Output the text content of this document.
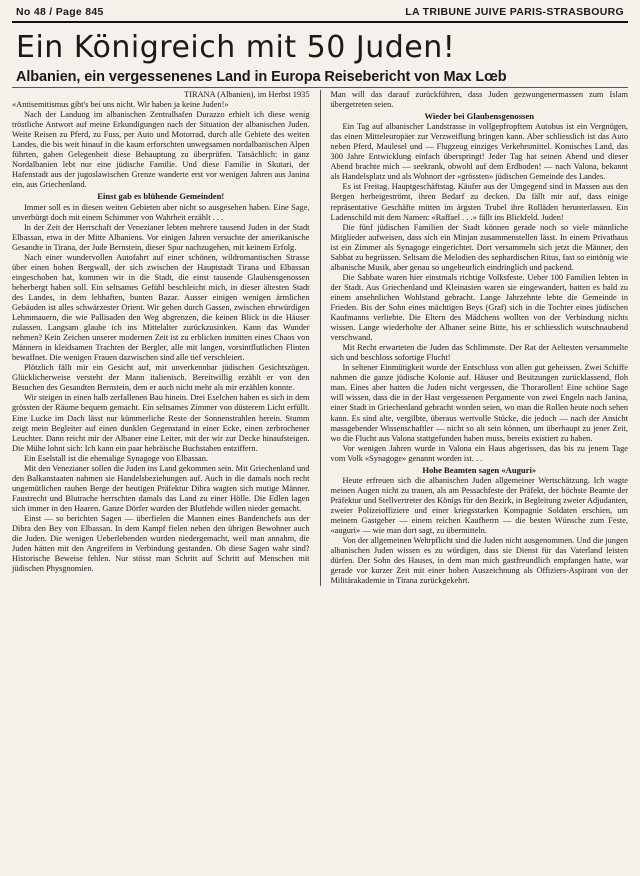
No 48 / Page 845	LA TRIBUNE JUIVE PARIS-STRASBOURG
Ein Königreich mit 50 Juden!
Albanien, ein vergessenenes Land in Europa Reisebericht von Max Lœb

TIRANA (Albanien), im Herbst 1935

«Antisemitismus gibt's bei uns nicht. Wir haben ja keine Juden!»

Nach der Landung im albanischen Zentralhafen Durazzo erhielt ich diese wenig tröstliche Antwort auf meine Erkundigungen nach der Situation der albanischen Juden. Weite Reisen zu Pferd, zu Fuss, per Auto und Motorrad, durch alle Gebiete des weiten Landes, die bis weit hinauf in die kaum erforschten unwegsamen nordalbanischen Alpen führten, gaben Gelegenheit diese Behauptung zu überprüfen. Tatsächlich: in ganz Nordalbanien lebt nur eine jüdische Familie. Und diese Familie in Skutari, der Hafenstadt aus der jugoslawischen Grenze wanderte erst vor wenigen Jahren aus Janina ein, aus Griechenland.

Einst gab es blühende Gemeinden!

Immer soll es in diesen weiten Gebieten aber nicht so ausgesehen haben. Eine Sage, unverbürgt doch mit einem Schimmer von Wahrheit erzählt . . .

In der Zeit der Herrschaft der Venezianer lebten mehrere tausend Juden in der Stadt Elbassan, etwa in der Mitte Albaniens. Vor einigen Jahren versuchte der amerikanische Gesandte in Tirana, der Jude Bernstein, dieser Spur nachzugehen, mit keinem Erfolg.

Nach einer wundervollen Autofahrt auf einer schönen, wildromantischen Strasse über einen hohen Bergwall, der sich zwischen der Hauptstadt Tirana und Elbassan eingeschoben hat, kommen wir in die Stadt, die einst tausende Glaubensgenossen beherbergt haben soll. Ein seltsames Gefühl beschleicht mich, in dieser ältesten Stadt des Landes, in dem lebhaften, bunten Bazar. Ausser einigen wenigen ärmlichen Gebäuden ist alles schwärzester Orient. Wir gehen durch Gassen, zwischen ehrwürdigen Lehmmauern, die wie Pallisaden den Weg abgrenzen, die keinen Blick in die Häuser zulassen. Langsam glaube ich ins Mittelalter zurückzusinken. Kann das Wunder nehmen? Kein Zeichen unserer modernen Zeit ist zu erblicken inmitten eines Chaos von Männern in kleidsamen Trachten der Bergler, alle mit langen, vorsintflutlichen Flinten bewaffnet. Die wenigen Frauen dazwischen sind alle tief verschleiert.

Plötzlich fällt mir ein Gesicht auf, mit unverkennbar jüdischen Gesichtszügen. Glücklicherweise versteht der Mann italienisch. Bereitwillig erzählt er von den Besuchen des Gesandten Bernstein, dem er auch nicht mehr als mir erzählen konnte.

Wir steigen in einen halb zerfallenen Bau hinein. Drei Eselchen haben es sich in dem grössten der Räume bequem gemacht. Ein seltsames Zimmer von düsterem Licht erfüllt. Eine Lucke im Dach lässt nur kümmerliche Reste der Sonnenstrahlen herein. Stumm zeigt mein Begleiter auf einen dunklen Gegenstand in einer Ecke, einen zerbrochener Leuchter. Dann reicht mir der Albaner eine Leiter, mit der wir zur Decke hinaufsteigen. Die Mühe lohnt sich: Ich kann ein paar hebräische Buchstaben entziffern.

Ein Eselstall ist die ehemalige Synagoge von Elbassan.

Mit den Venezianer sollen die Juden ins Land gekommen sein. Mit Griechenland und den Balkanstaaten nahmen sie Handelsbeziehungen auf. Auch in die damals noch recht ungemütlichen rauhen Berge der heutigen Präfektur Dibra wagten sich mutige Männer. Faustrecht und Blutrache herrschten damals das Land zu einer Hölle. Die Edlen lagen sich immer in den Haaren. Ganze Dörfer wurden der Blutfehde willen nieder gemacht.

Einst — so berichten Sagen — überfielen die Mannen eines Bandenchefs aus der Dibra den Bey von Elbassan. In dem Kampf fielen neben den übrigen Bewohner auch die Juden. Die wenigen Ueberlebenden wurden niedergemacht, weil man annahm, die Juden hätten mit den Angreifern in Verbindung gestanden. Ob diese Sagen wahr sind? Historische Beweise fehlen. Nur stösst man Schritt auf Schritt auf Menschen mit jüdischen Physgnomien.

Man will das darauf zurückführen, dass Juden gezwungenermassen zum Islam übergetreten seien.

Wieder bei Glaubensgenossen

Ein Tag auf albanischer Landstrasse in vollgepfropftem Autobus ist ein Vergnügen, das einen Mitteleuropäer zur Verzweiflung bringen kann. Aber schliesslich ist das Auto neben Pferd, Maulesel und — Flugzeug einziges Verkehrsmittel. Komisches Land, das 300 Jahre Entwicklung einfach überspringt! Jeder Tag hat seinen Abend und dieser Abend brachte mich — seekrank, obwohl auf dem Erdboden! — nach Valona, bekannt als Handelsplatz und als Wohnort der «grössten» jüdischen Gemeinde des Landes.

Es ist Freitag. Hauptgeschäftstag. Käufer aus der Umgegend sind in Massen aus den Bergen herbeigeströmt, ihren Bedarf zu decken. Da fällt mir auf, dass einige repräsentative Geschäfte mitten im ärgsten Trubel ihre Rolläden herunterlassen. Ein Ladenschild mit dem Namen: «Raffael . . .» fällt ins Blickfeld. Juden!

Die fünf jüdischen Familien der Stadt können gerade noch so viele männliche Mitglieder aufweisen, dass sich ein Minjan zusammenstellen lässt. In einem Privathaus ist ein Zimmer als Synagoge eingerichtet. Dort versammeln sich jetzt die Männer, den Sabbat zu begrüssen. Seltsam die Melodien des sephardischen Ritus, fast so eintönig wie albanische Musik, aber genau so ungeheurlich eindringlich und packend.

Die Sabbate waren hier einstmals richtige Volksfeste. Ueber 100 Familien lebten in der Stadt. Aus Griechenland und Kleinasien waren sie eingewandert, hatten es bald zu einem ansehnlichen Wohlstand gebracht. Lange Jahrzehnte lebte die Gemeinde in Frieden. Bis der Sohn eines mächtigen Beys (Graf) sich in die Tochter eines jüdischen Kaufmanns verliebte. Die Eltern des Mädchens wollten von der Verbindung nichts wissen. Lange wiederholte der Albaner seine Bitte, bis er schliesslich wutschnaubend verschwand.

Mit Recht erwarteten die Juden das Schlimmste. Der Rat der Aeltesten versammelte sich und beschloss sofortige Flucht!

In seltener Einmütigkeit wurde der Entschluss von allen gut geheissen. Zwei Schiffe nahmen die ganze jüdische Kolonie auf. Häuser und Besitzungen zurücklassend, floh man. Eines aber hatten die Juden nicht vergessen, die Thorarollen! Eine schöne Sage will wissen, dass die in der Hast vergessenen Pergamente von zwei Engeln nach Janina, einer Stadt in Griechenland gebracht worden seien, wo man die Rollen heute noch sehen kann. Es sind alte, vergilbte, überaus wertvolle Stücke, die jedoch — nach der Ansicht massgebender Wissenschaftler — nicht so alt sein können, um überhaupt zu jener Zeit, wo die Flucht aus Valona stattgefunden haben muss, bereits existiert zu haben.

Vor wenigen Jahren wurde in Valona ein Haus abgerissen, das bis zu jenem Tage vom Volk «Synagoge» genannt worden ist. . .

Hohe Beamten sagen «Auguri»

Heute erfreuen sich die albanischen Juden allgemeiner Wertschätzung. Ich wagte meinen Augen nicht zu trauen, als am Pessachfeste der Präfekt, der höchste Beamte der Präfektur und Stellvertreter des Königs für den Bezirk, in Begleitung zweier Adjudanten, zweier Polizeioffiziere und einer kriegsstarken Kompagnie Soldaten erschien, um meinem Gastgeber — einem reichen Kaufherrn — die besten Wünsche zum Feste, «auguri» — wie man dort sagt, zu übermitteln.

Von der allgemeinen Wehrpflicht sind die Juden nicht ausgenommen. Und die jungen albanischen Juden wissen es zu würdigen, dass sie Dienst für das Vaterland leisten dürfen. Der Sohn des Hauses, in dem man mich gastfreundlich empfangen hatte, war gerade vor kurzer Zeit mit einer hohen Auszeichnung als Offiziers-Aspirant von der Militärakademie in Tirana zurückgekehrt.
